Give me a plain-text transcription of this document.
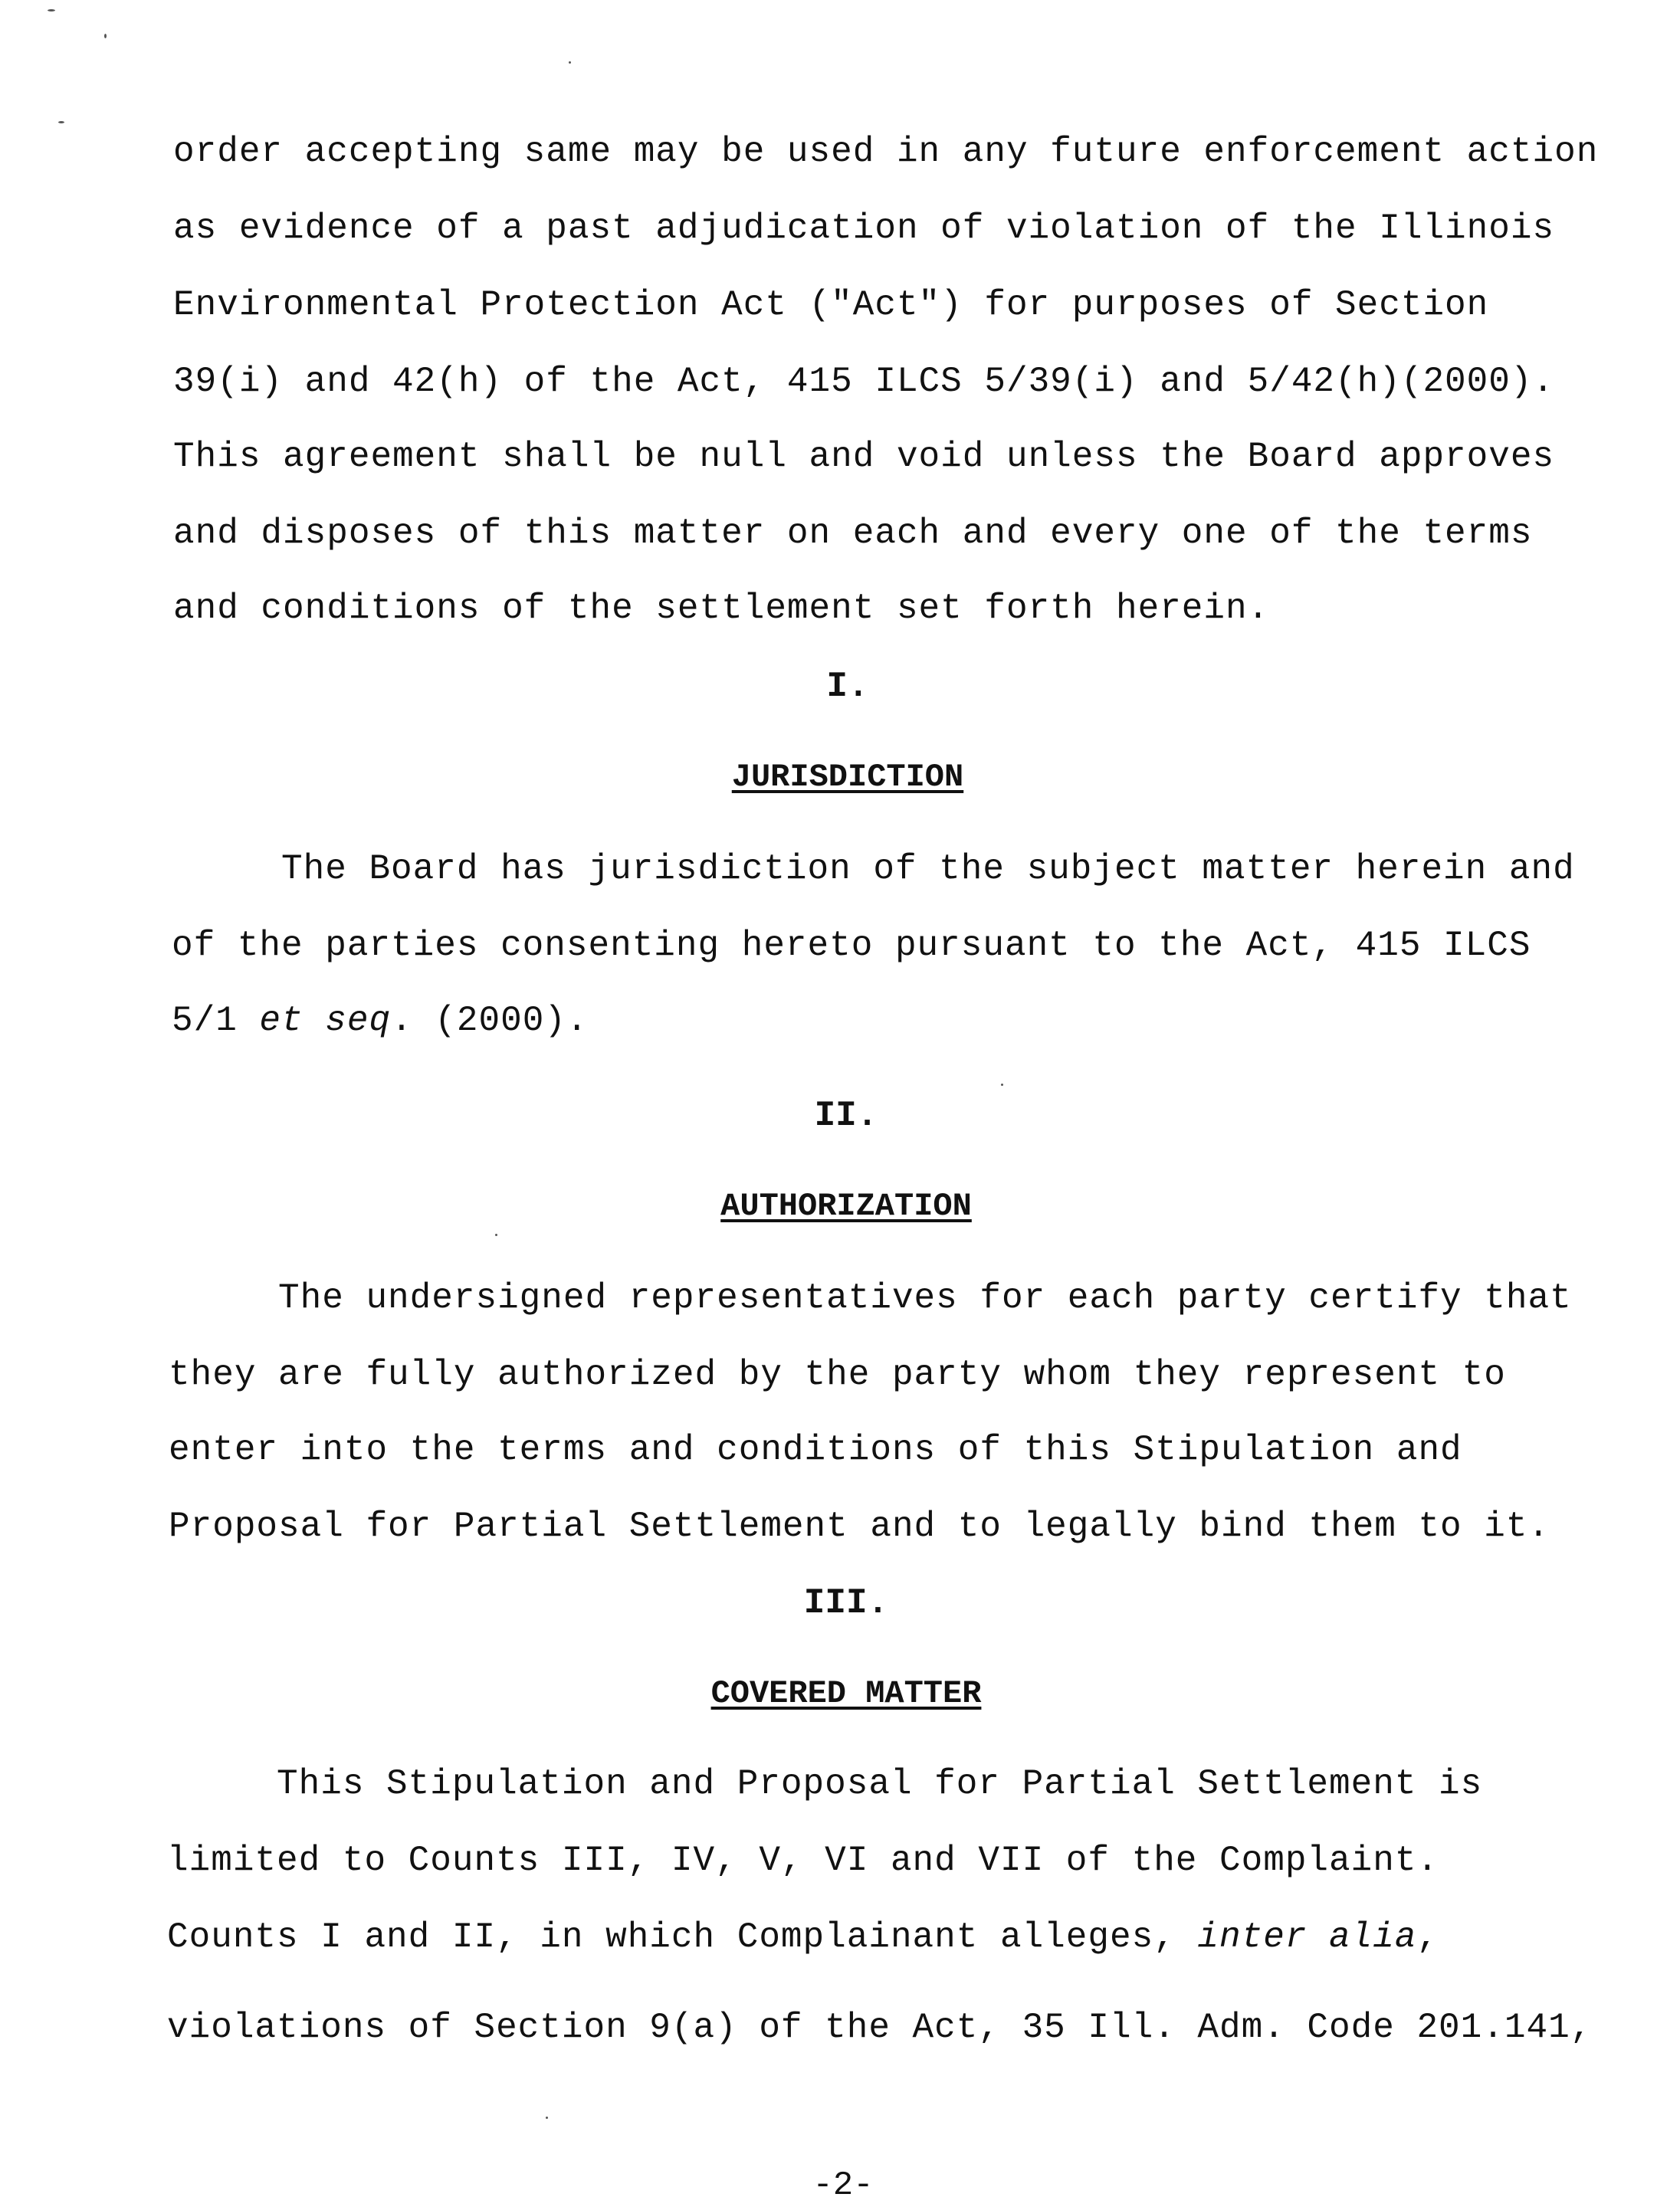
order accepting same may be used in any future enforcement action
as evidence of a past adjudication of violation of the Illinois
Environmental Protection Act ("Act") for purposes of Section
39(i) and 42(h) of the Act, 415 ILCS 5/39(i) and 5/42(h)(2000).
This agreement shall be null and void unless the Board approves
and disposes of this matter on each and every one of the terms
and conditions of the settlement set forth herein.
I.
JURISDICTION
The Board has jurisdiction of the subject matter herein and
of the parties consenting hereto pursuant to the Act, 415 ILCS
5/1 et seq. (2000).
II.
AUTHORIZATION
The undersigned representatives for each party certify that
they are fully authorized by the party whom they represent to
enter into the terms and conditions of this Stipulation and
Proposal for Partial Settlement and to legally bind them to it.
III.
COVERED MATTER
This Stipulation and Proposal for Partial Settlement is
limited to Counts III, IV, V, VI and VII of the Complaint.
Counts I and II, in which Complainant alleges, inter alia,
violations of Section 9(a) of the Act, 35 Ill. Adm. Code 201.141,
-2-
